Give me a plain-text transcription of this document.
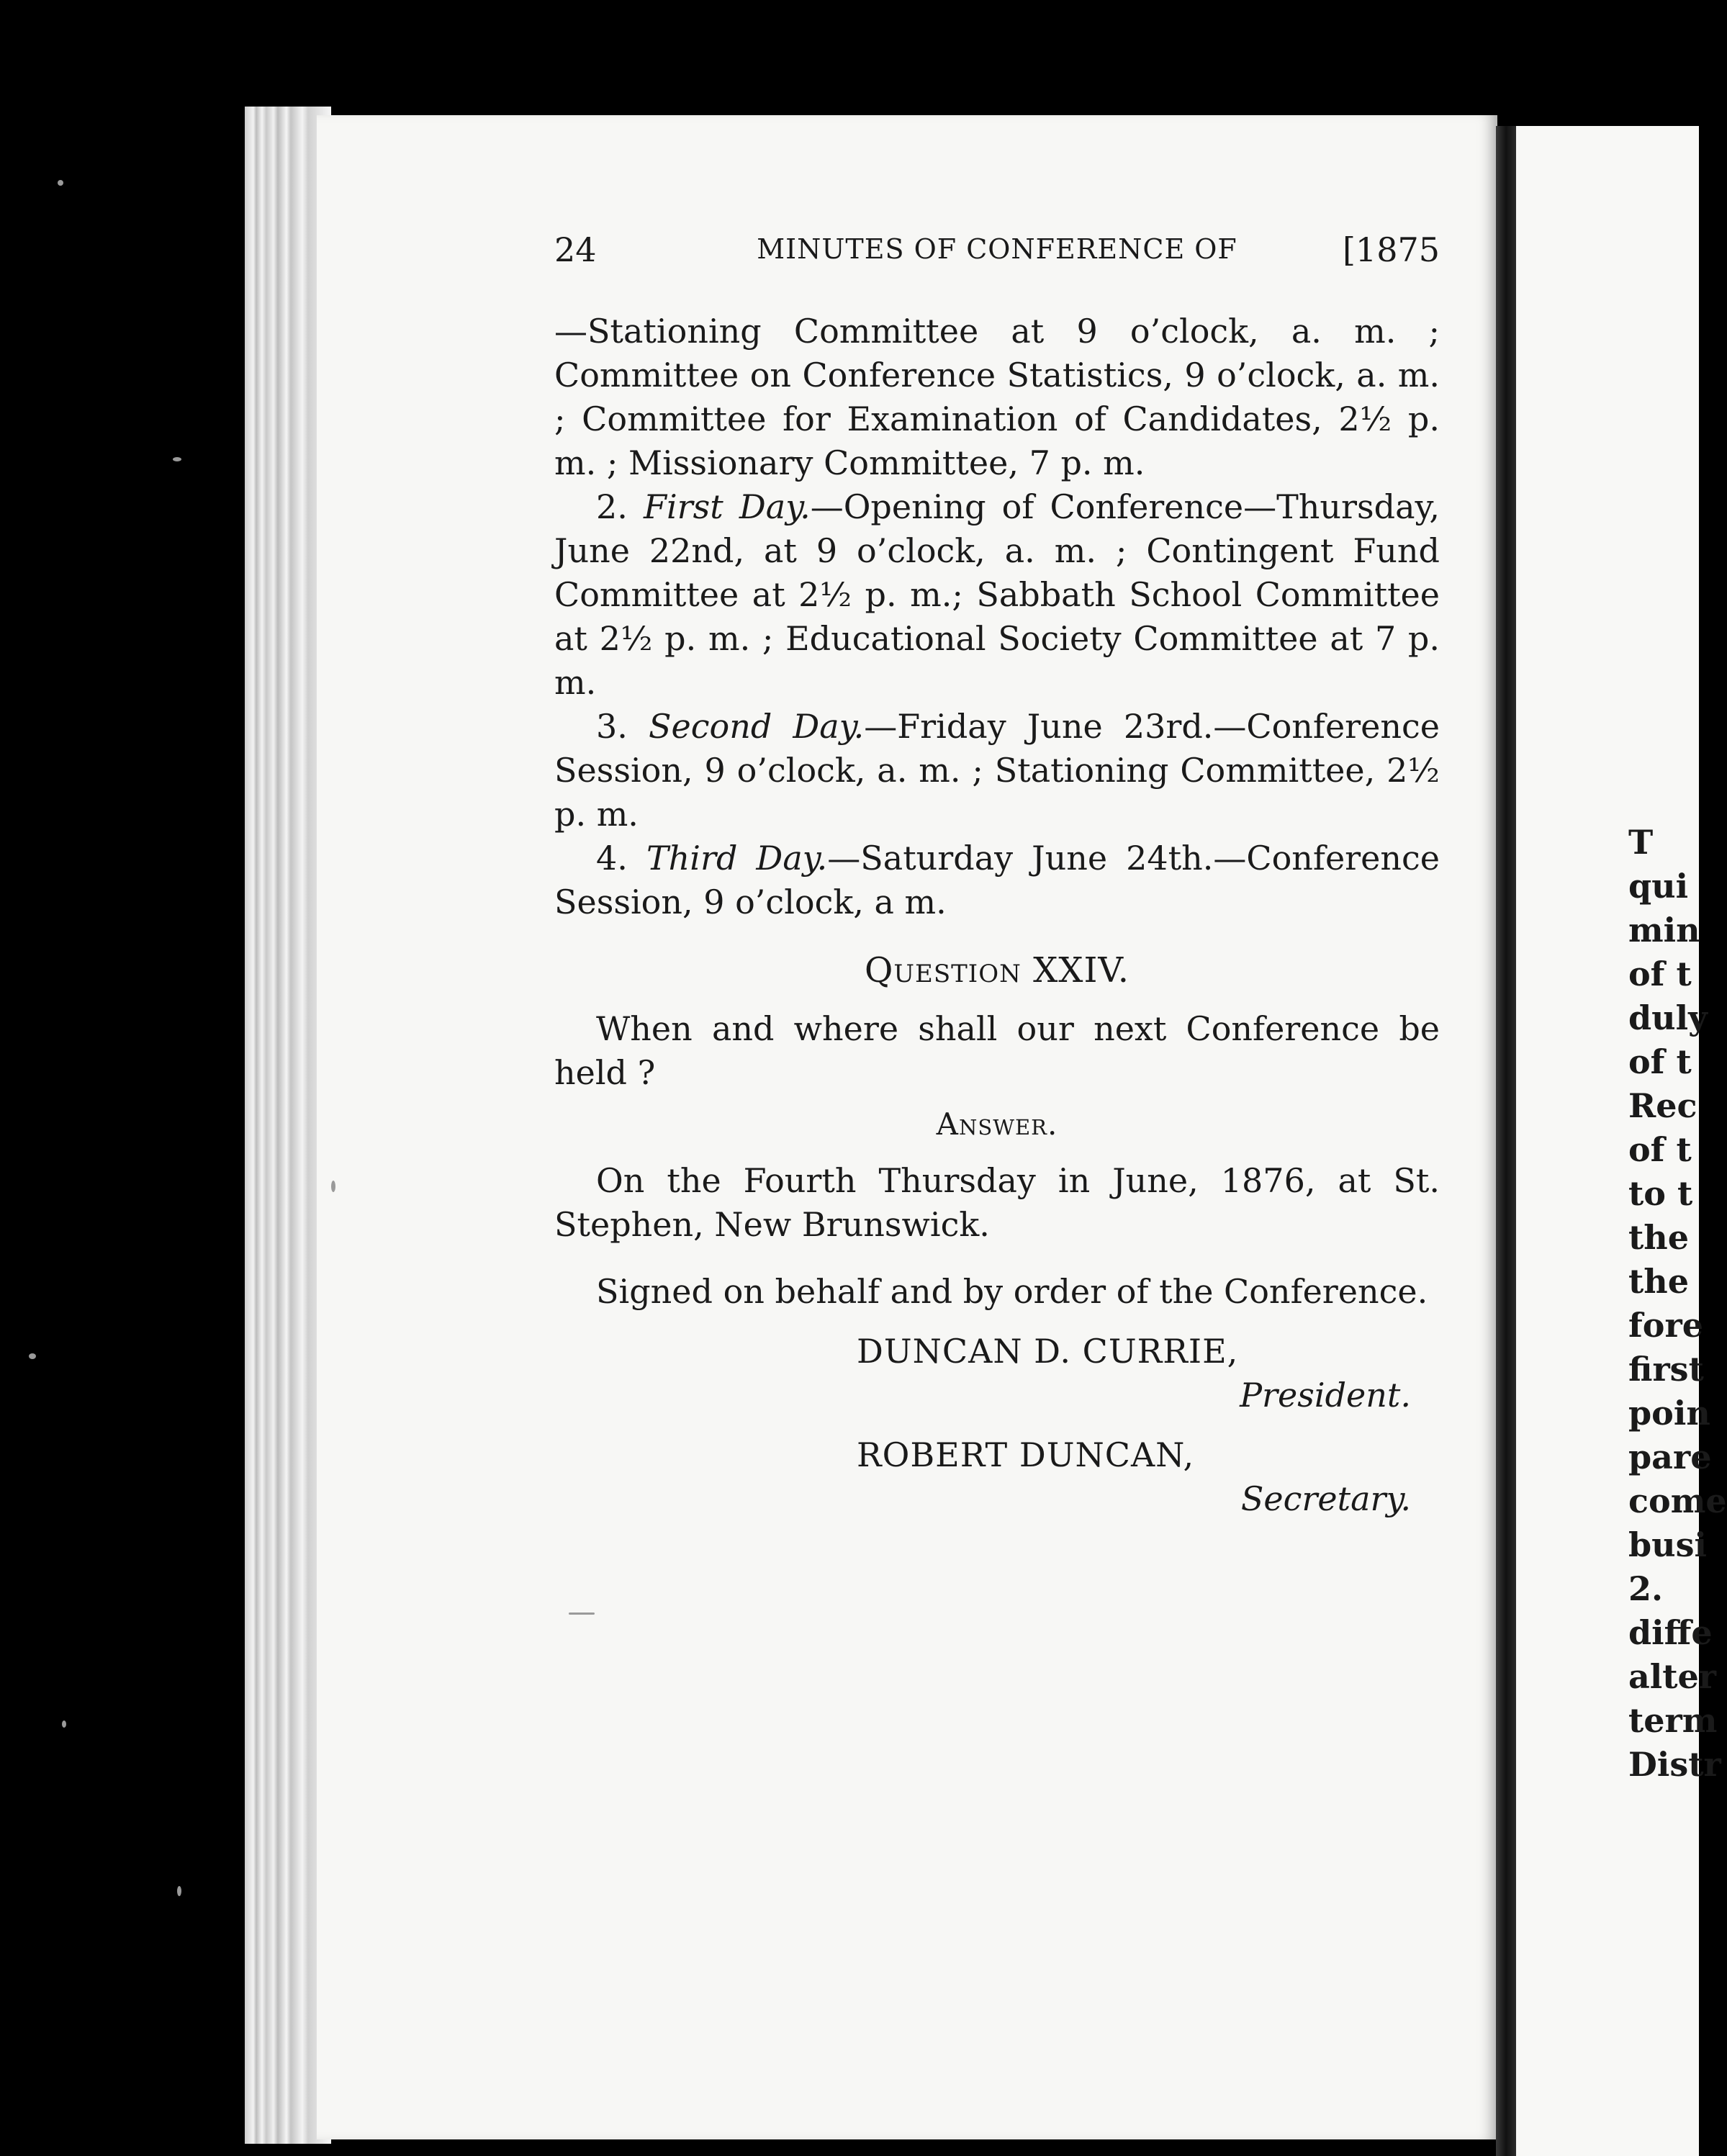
24	MINUTES OF CONFERENCE OF	[1875

—Stationing Committee at 9 o’clock, a. m. ; Committee on Conference Statistics, 9 o’clock, a. m. ; Committee for Examination of Candidates, 2½ p. m. ; Missionary Committee, 7 p. m.

2. First Day.—Opening of Conference—Thursday, June 22nd, at 9 o’clock, a. m. ; Contingent Fund Committee at 2½ p. m.; Sabbath School Committee at 2½ p. m. ; Educational Society Committee at 7 p. m.

3. Second Day.—Friday June 23rd.—Conference Session, 9 o’clock, a. m. ; Stationing Committee, 2½ p. m.

4. Third Day.—Saturday June 24th.—Conference Session, 9 o’clock, a m.

Question XXIV.

When and where shall our next Conference be held ?

Answer.

On the Fourth Thursday in June, 1876, at St. Stephen, New Brunswick.

Signed on behalf and by order of the Conference.

DUNCAN D. CURRIE,
President.
ROBERT DUNCAN,
Secretary.
T
qui
min
of t
duly
of t
Rec
of t
to t
the
the
fore
first
poin
pare
come
busi
2.
diffe
alter
term
Distr
